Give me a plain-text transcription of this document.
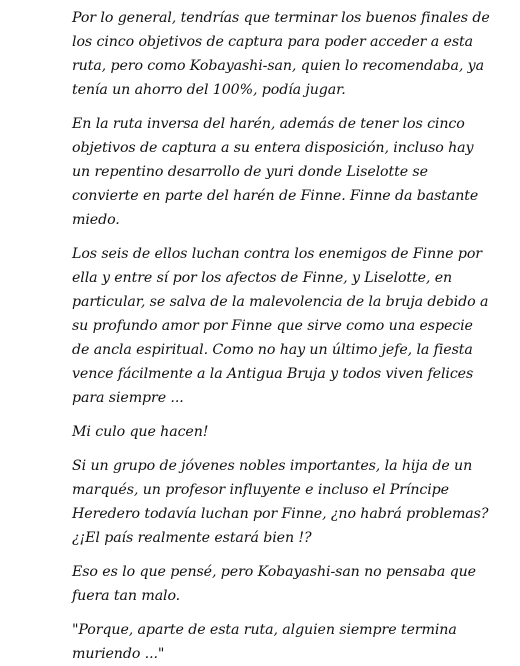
Por lo general, tendrías que terminar los buenos finales de los cinco objetivos de captura para poder acceder a esta ruta, pero como Kobayashi-san, quien lo recomendaba, ya tenía un ahorro del 100%, podía jugar.

En la ruta inversa del harén, además de tener los cinco objetivos de captura a su entera disposición, incluso hay un repentino desarrollo de yuri donde Liselotte se convierte en parte del harén de Finne. Finne da bastante miedo.

Los seis de ellos luchan contra los enemigos de Finne por ella y entre sí por los afectos de Finne, y Liselotte, en particular, se salva de la malevolencia de la bruja debido a su profundo amor por Finne que sirve como una especie de ancla espiritual. Como no hay un último jefe, la fiesta vence fácilmente a la Antigua Bruja y todos viven felices para siempre ...

Mi culo que hacen!

Si un grupo de jóvenes nobles importantes, la hija de un marqués, un profesor influyente e incluso el Príncipe Heredero todavía luchan por Finne, ¿no habrá problemas? ¿¡El país realmente estará bien !?

Eso es lo que pensé, pero Kobayashi-san no pensaba que fuera tan malo.

"Porque, aparte de esta ruta, alguien siempre termina muriendo ..."
